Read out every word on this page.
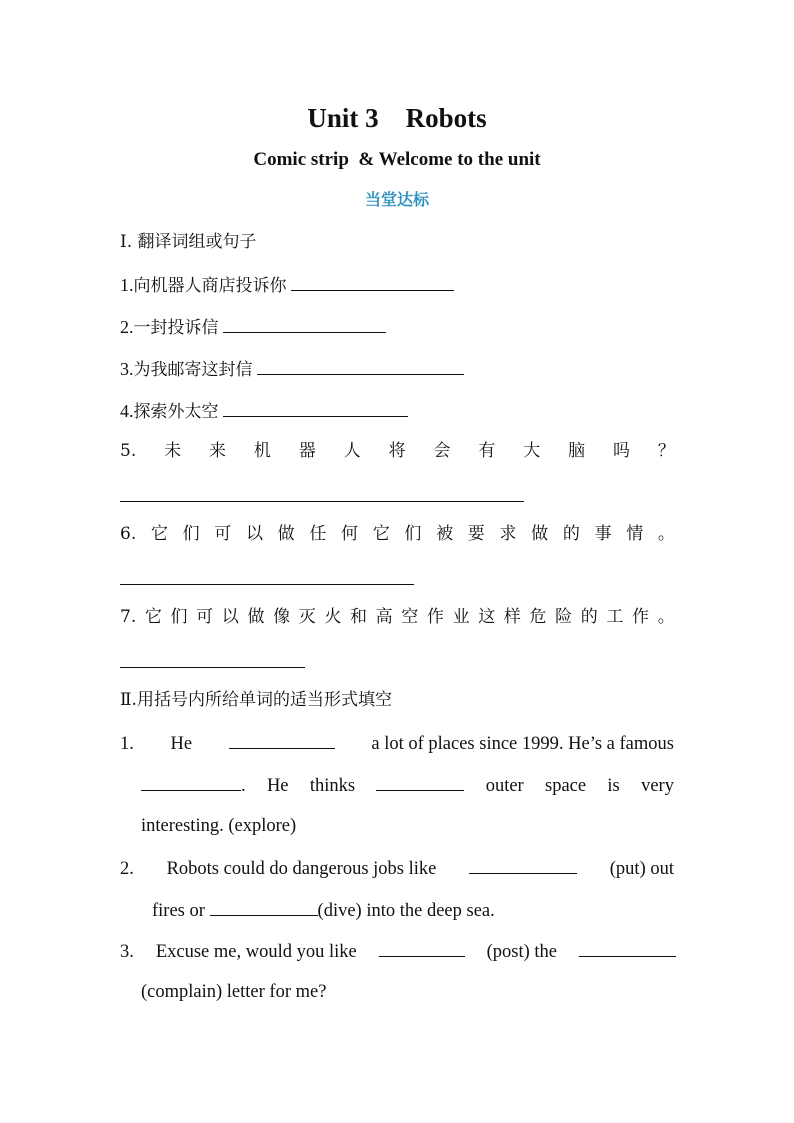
Unit 3    Robots
Comic strip  & Welcome to the unit
当堂达标
Ⅰ. 翻译词组或句子
1.向机器人商店投诉你
2.一封投诉信
3.为我邮寄这封信
4.探索外太空
5. 未 来 机 器 人 将 会 有 大 脑 吗 ？
6. 它 们 可 以 做 任 何 它 们 被 要 求 做 的 事 情 。
7. 它 们 可 以 做 像 灭 火 和 高 空 作 业 这 样 危 险 的 工 作 。
Ⅱ.用括号内所给单词的适当形式填空
1. He	a lot of places since 1999. He’s a famous
. He thinks	outer space is very
interesting. (explore)
2. Robots could do dangerous jobs like	(put) out
fires or	(dive) into the deep sea.
3. Excuse me, would you like	(post) the
(complain) letter for me?
